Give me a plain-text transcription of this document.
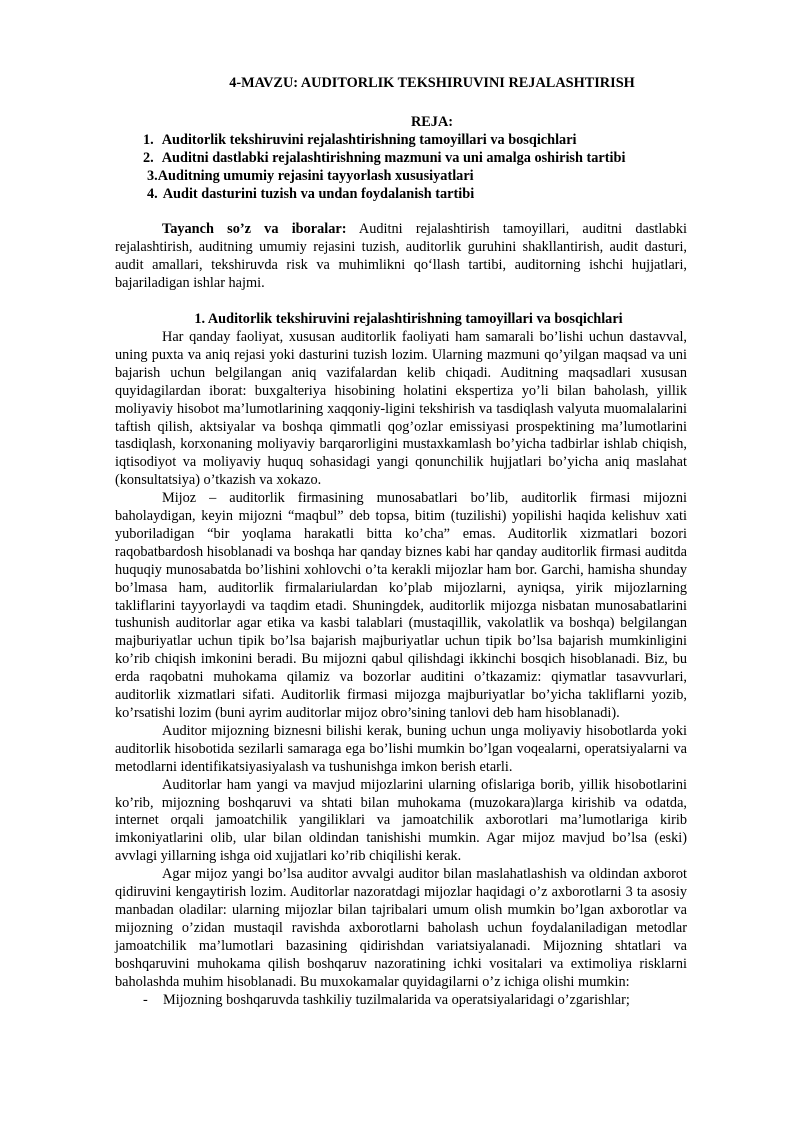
4-MAVZU: AUDITORLIK TEKSHIRUVINI REJALASHTIRISH
REJA:
1. Auditorlik tekshiruvini rejalashtirishning tamoyillari va bosqichlari
2. Auditni dastlabki rejalashtirishning mazmuni va uni amalga oshirish tartibi
3.Auditning umumiy rejasini tayyorlash xususiyatlari
4. Audit dasturini tuzish va undan foydalanish tartibi

Tayanch so’z va iboralar: Auditni rejalashtirish tamoyillari, auditni dastlabki rejalashtirish, auditning umumiy rejasini tuzish, auditorlik guruhini shakllantirish, audit dasturi, audit amallari, tekshiruvda risk va muhimlikni qoʻllash tartibi, auditorning ishchi hujjatlari, bajariladigan ishlar hajmi.

1. Auditorlik tekshiruvini rejalashtirishning tamoyillari va bosqichlari

Har qanday faoliyat, xususan auditorlik faoliyati ham samarali bo’lishi uchun dastavval, uning puxta va aniq rejasi yoki dasturini tuzish lozim. Ularning mazmuni qo’yilgan maqsad va uni bajarish uchun belgilangan aniq vazifalardan kelib chiqadi. Auditning maqsadlari xususan quyidagilardan iborat: buxgalteriya hisobining holatini ekspertiza yo’li bilan baholash, yillik moliyaviy hisobot ma’lumotlarining xaqqoniy-ligini tekshirish va tasdiqlash valyuta muomalalarini taftish qilish, aktsiyalar va boshqa qimmatli qog’ozlar emissiyasi prospektining ma’lumotlarini tasdiqlash, korxonaning moliyaviy barqarorligini mustaxkamlash bo’yicha tadbirlar ishlab chiqish, iqtisodiyot va moliyaviy huquq sohasidagi yangi qonunchilik hujjatlari bo’yicha aniq maslahat (konsultatsiya) o’tkazish va xokazo.

Mijoz – auditorlik firmasining munosabatlari bo’lib, auditorlik firmasi mijozni baholaydigan, keyin mijozni “maqbul” deb topsa, bitim (tuzilishi) yopilishi haqida kelishuv xati yuboriladigan “bir yoqlama harakatli bitta ko’cha” emas. Auditorlik xizmatlari bozori raqobatbardosh hisoblanadi va boshqa har qanday biznes kabi har qanday auditorlik firmasi auditda huquqiy munosabatda bo’lishini xohlovchi o’ta kerakli mijozlar ham bor. Garchi, hamisha shunday bo’lmasa ham, auditorlik firmalariulardan ko’plab mijozlarni, ayniqsa, yirik mijozlarning takliflarini tayyorlaydi va taqdim etadi. Shuningdek, auditorlik mijozga nisbatan munosabatlarini tushunish auditorlar agar etika va kasbi talablari (mustaqillik, vakolatlik va boshqa) belgilangan majburiyatlar uchun tipik bo’lsa bajarish majburiyatlar uchun tipik bo’lsa bajarish mumkinligini ko’rib chiqish imkonini beradi. Bu mijozni qabul qilishdagi ikkinchi bosqich hisoblanadi. Biz, bu erda raqobatni muhokama qilamiz va bozorlar auditini o’tkazamiz: qiymatlar tasavvurlari, auditorlik xizmatlari sifati. Auditorlik firmasi mijozga majburiyatlar bo’yicha takliflarni yozib, ko’rsatishi lozim (buni ayrim auditorlar mijoz obro’sining tanlovi deb ham hisoblanadi).

Auditor mijozning biznesni bilishi kerak, buning uchun unga moliyaviy hisobotlarda yoki auditorlik hisobotida sezilarli samaraga ega bo’lishi mumkin bo’lgan voqealarni, operatsiyalarni va metodlarni identifikatsiyasiyalash va tushunishga imkon berish etarli.

Auditorlar ham yangi va mavjud mijozlarini ularning ofislariga borib, yillik hisobotlarini ko’rib, mijozning boshqaruvi va shtati bilan muhokama (muzokara)larga kirishib va odatda, internet orqali jamoatchilik yangiliklari va jamoatchilik axborotlari ma’lumotlariga kirib imkoniyatlarini olib, ular bilan oldindan tanishishi mumkin. Agar mijoz mavjud bo’lsa (eski) avvlagi yillarning ishga oid xujjatlari ko’rib chiqilishi kerak.

Agar mijoz yangi bo’lsa auditor avvalgi auditor bilan maslahatlashish va oldindan axborot qidiruvini kengaytirish lozim. Auditorlar nazoratdagi mijozlar haqidagi o’z axborotlarni 3 ta asosiy manbadan oladilar: ularning mijozlar bilan tajribalari umum olish mumkin bo’lgan axborotlar va mijozning o’zidan mustaqil ravishda axborotlarni baholash uchun foydalaniladigan metodlar jamoatchilik ma’lumotlari bazasining qidirishdan variatsiyalanadi. Mijozning shtatlari va boshqaruvini muhokama qilish boshqaruv nazoratining ichki vositalari va extimoliya risklarni baholashda muhim hisoblanadi. Bu muxokamalar quyidagilarni o’z ichiga olishi mumkin:

- Mijozning boshqaruvda tashkiliy tuzilmalarida va operatsiyalaridagi o’zgarishlar;
